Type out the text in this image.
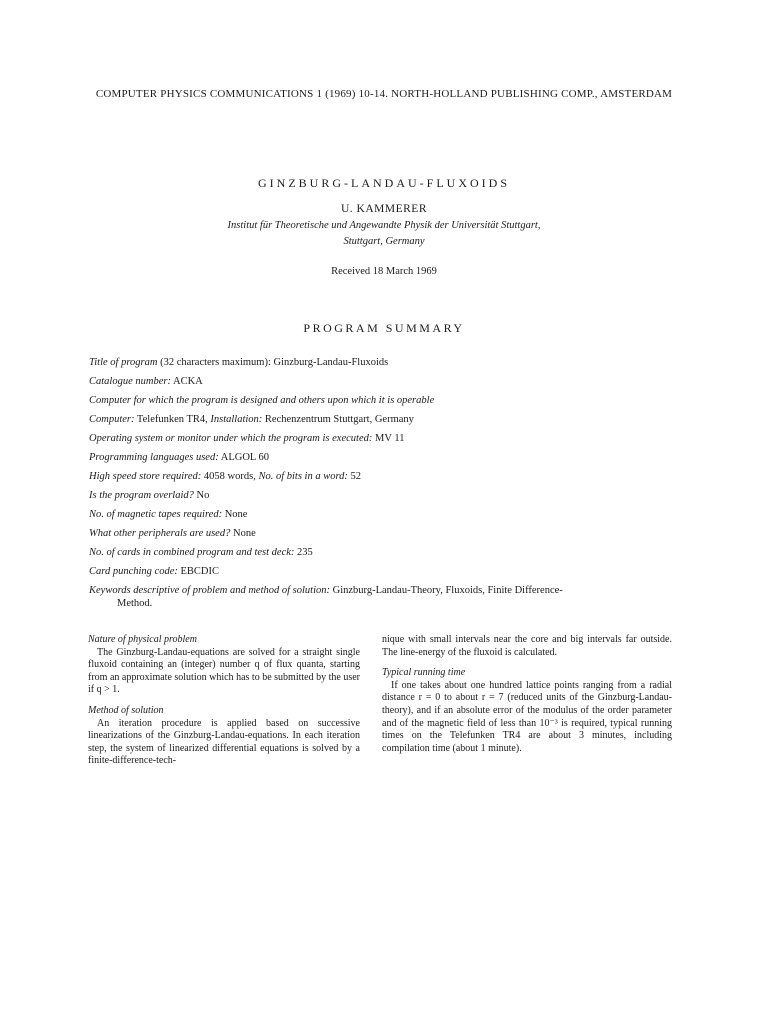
COMPUTER PHYSICS COMMUNICATIONS 1 (1969) 10-14. NORTH-HOLLAND PUBLISHING COMP., AMSTERDAM
GINZBURG-LANDAU-FLUXOIDS
U. KAMMERER
Institut für Theoretische und Angewandte Physik der Universität Stuttgart,
Stuttgart, Germany
Received 18 March 1969
PROGRAM SUMMARY
Title of program (32 characters maximum): Ginzburg-Landau-Fluxoids
Catalogue number: ACKA
Computer for which the program is designed and others upon which it is operable
Computer: Telefunken TR4, Installation: Rechenzentrum Stuttgart, Germany
Operating system or monitor under which the program is executed: MV 11
Programming languages used: ALGOL 60
High speed store required: 4058 words, No. of bits in a word: 52
Is the program overlaid? No
No. of magnetic tapes required: None
What other peripherals are used? None
No. of cards in combined program and test deck: 235
Card punching code: EBCDIC
Keywords descriptive of problem and method of solution: Ginzburg-Landau-Theory, Fluxoids, Finite Difference-
Method.
Nature of physical problem
The Ginzburg-Landau-equations are solved for a straight single fluxoid containing an (integer) number q of flux quanta, starting from an approximate solution which has to be submitted by the user if q > 1.
Method of solution
An iteration procedure is applied based on successive linearizations of the Ginzburg-Landau-equations. In each iteration step, the system of linearized differential equations is solved by a finite-difference-tech-
nique with small intervals near the core and big intervals far outside. The line-energy of the fluxoid is calculated.
Typical running time
If one takes about one hundred lattice points ranging from a radial distance r = 0 to about r = 7 (reduced units of the Ginzburg-Landau-theory), and if an absolute error of the modulus of the order parameter and of the magnetic field of less than 10⁻³ is required, typical running times on the Telefunken TR4 are about 3 minutes, including compilation time (about 1 minute).
